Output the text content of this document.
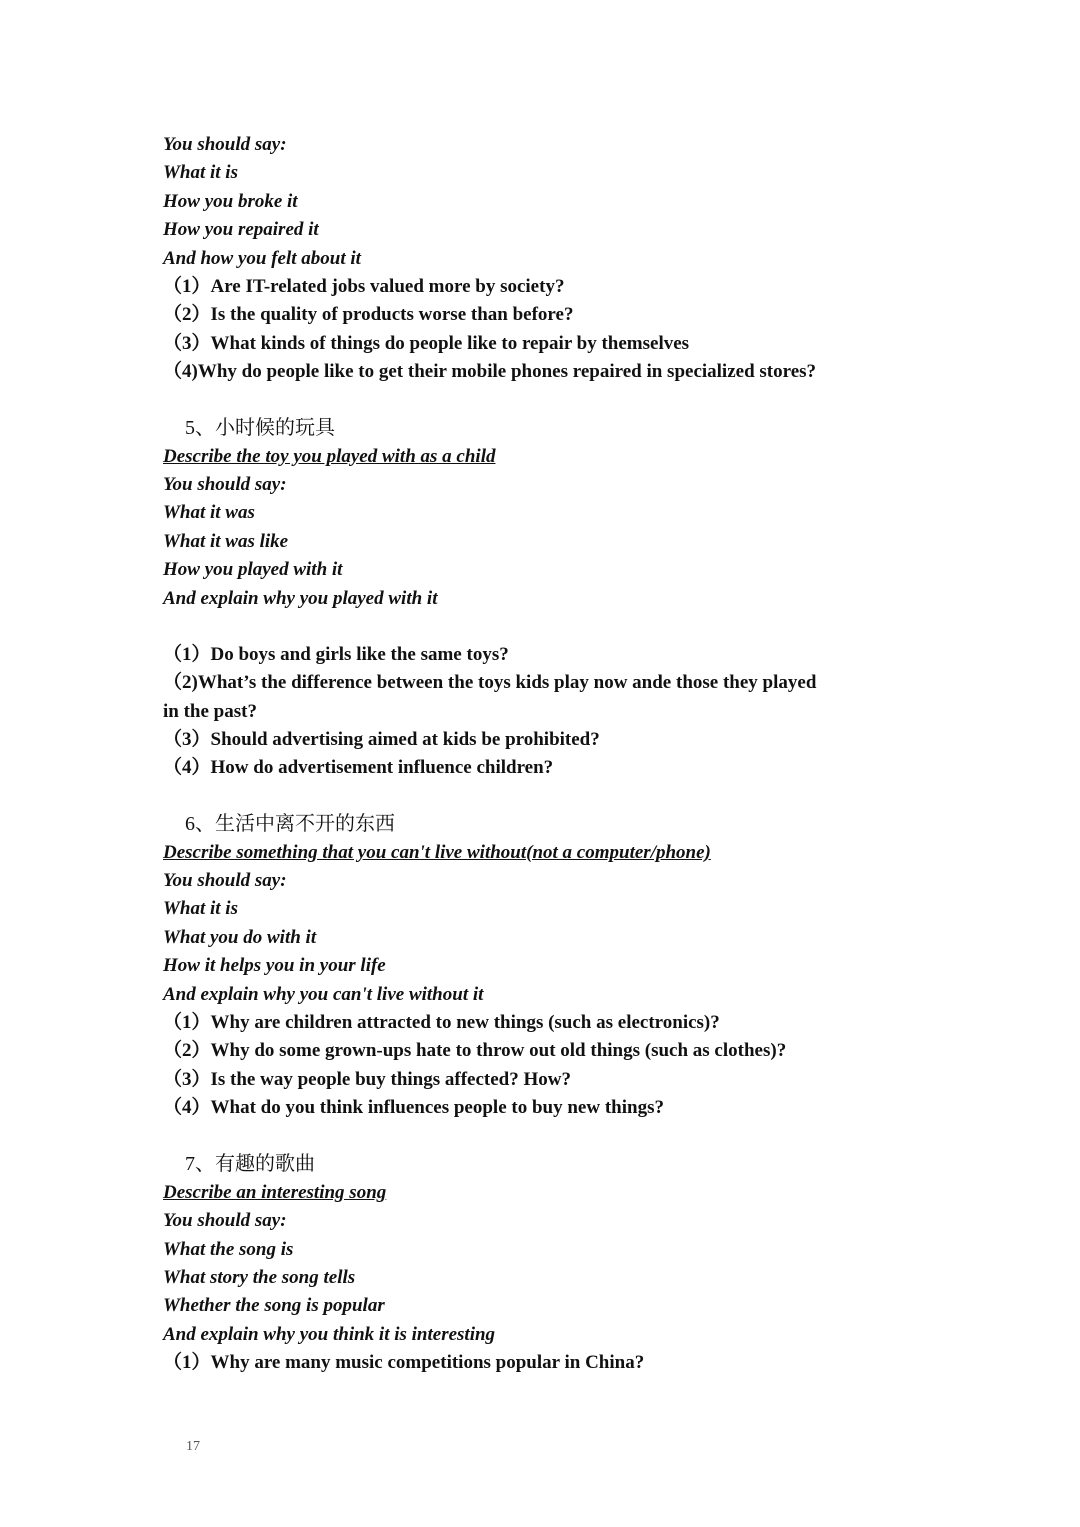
You should say:
What it is
How you broke it
How you repaired it
And how you felt about it
（1）Are IT-related jobs valued more by society?
（2）Is the quality of products worse than before?
（3）What kinds of things do people like to repair by themselves
（4)Why do people like to get their mobile phones repaired in specialized stores?
5、小时候的玩具
Describe the toy you played with as a child
You should say:
What it was
What it was like
How you played with it
And explain why you played with it
（1）Do boys and girls like the same toys?
（2)What’s the difference between the toys kids play now ande those they played
in the past?
（3）Should advertising aimed at kids be prohibited?
（4）How do advertisement influence children?
6、生活中离不开的东西
Describe something that you can't live without(not a computer/phone)
You should say:
What it is
What you do with it
How it helps you in your life
And explain why you can't live without it
（1）Why are children attracted to new things (such as electronics)?
（2）Why do some grown-ups hate to throw out old things (such as clothes)?
（3）Is the way people buy things affected? How?
（4）What do you think influences people to buy new things?
7、有趣的歌曲
Describe an interesting song
You should say:
What the song is
What story the song tells
Whether the song is popular
And explain why you think it is interesting
（1）Why are many music competitions popular in China?
17
